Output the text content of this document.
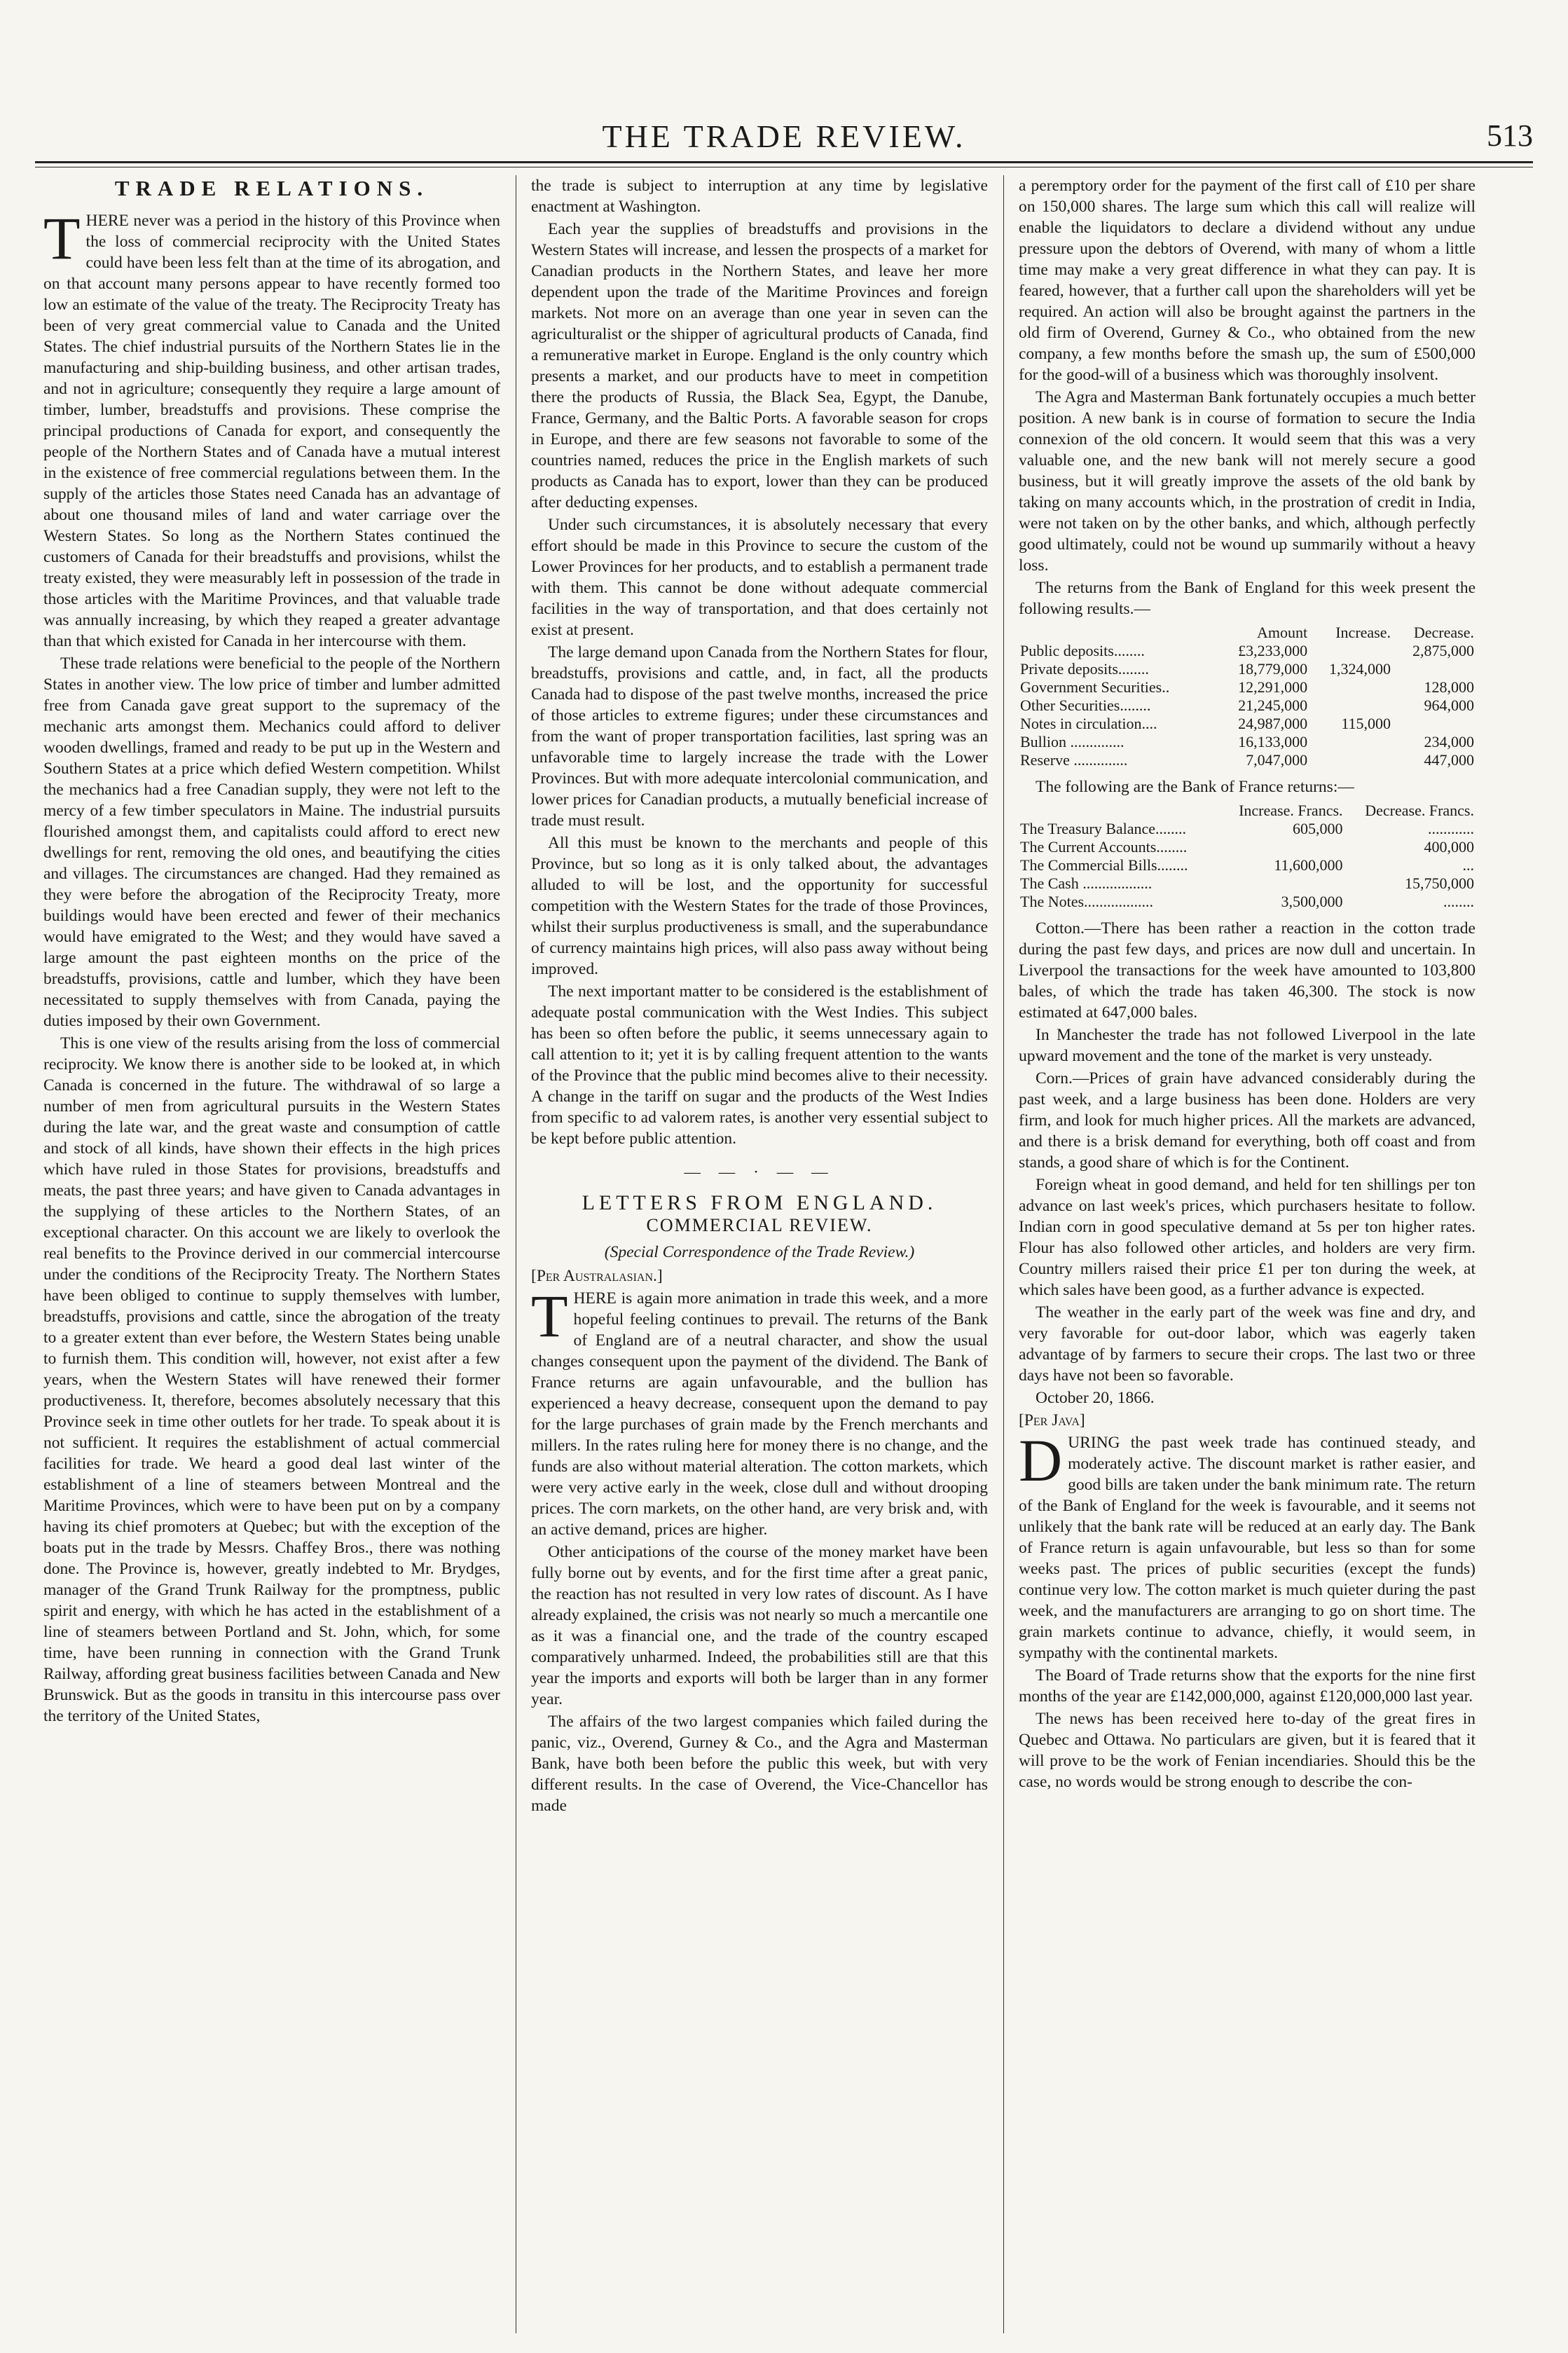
THE TRADE REVIEW.	513
TRADE RELATIONS.

THERE never was a period in the history of this Province when the loss of commercial reciprocity with the United States could have been less felt than at the time of its abrogation, and on that account many persons appear to have recently formed too low an estimate of the value of the treaty. The Reciprocity Treaty has been of very great commercial value to Canada and the United States. The chief industrial pursuits of the Northern States lie in the manufacturing and ship-building business, and other artisan trades, and not in agriculture; consequently they require a large amount of timber, lumber, breadstuffs and provisions. These comprise the principal productions of Canada for export, and consequently the people of the Northern States and of Canada have a mutual interest in the existence of free commercial regulations between them. In the supply of the articles those States need Canada has an advantage of about one thousand miles of land and water carriage over the Western States. So long as the Northern States continued the customers of Canada for their breadstuffs and provisions, whilst the treaty existed, they were measurably left in possession of the trade in those articles with the Maritime Provinces, and that valuable trade was annually increasing, by which they reaped a greater advantage than that which existed for Canada in her intercourse with them.

These trade relations were beneficial to the people of the Northern States in another view. The low price of timber and lumber admitted free from Canada gave great support to the supremacy of the mechanic arts amongst them. Mechanics could afford to deliver wooden dwellings, framed and ready to be put up in the Western and Southern States at a price which defied Western competition. Whilst the mechanics had a free Canadian supply, they were not left to the mercy of a few timber speculators in Maine. The industrial pursuits flourished amongst them, and capitalists could afford to erect new dwellings for rent, removing the old ones, and beautifying the cities and villages. The circumstances are changed. Had they remained as they were before the abrogation of the Reciprocity Treaty, more buildings would have been erected and fewer of their mechanics would have emigrated to the West; and they would have saved a large amount the past eighteen months on the price of the breadstuffs, provisions, cattle and lumber, which they have been necessitated to supply themselves with from Canada, paying the duties imposed by their own Government.

This is one view of the results arising from the loss of commercial reciprocity. We know there is another side to be looked at, in which Canada is concerned in the future. The withdrawal of so large a number of men from agricultural pursuits in the Western States during the late war, and the great waste and consumption of cattle and stock of all kinds, have shown their effects in the high prices which have ruled in those States for provisions, breadstuffs and meats, the past three years; and have given to Canada advantages in the supplying of these articles to the Northern States, of an exceptional character. On this account we are likely to overlook the real benefits to the Province derived in our commercial intercourse under the conditions of the Reciprocity Treaty. The Northern States have been obliged to continue to supply themselves with lumber, breadstuffs, provisions and cattle, since the abrogation of the treaty to a greater extent than ever before, the Western States being unable to furnish them. This condition will, however, not exist after a few years, when the Western States will have renewed their former productiveness. It, therefore, becomes absolutely necessary that this Province seek in time other outlets for her trade. To speak about it is not sufficient. It requires the establishment of actual commercial facilities for trade. We heard a good deal last winter of the establishment of a line of steamers between Montreal and the Maritime Provinces, which were to have been put on by a company having its chief promoters at Quebec; but with the exception of the boats put in the trade by Messrs. Chaffey Bros., there was nothing done. The Province is, however, greatly indebted to Mr. Brydges, manager of the Grand Trunk Railway for the promptness, public spirit and energy, with which he has acted in the establishment of a line of steamers between Portland and St. John, which, for some time, have been running in connection with the Grand Trunk Railway, affording great business facilities between Canada and New Brunswick. But as the goods in transitu in this intercourse pass over the territory of the United States,

the trade is subject to interruption at any time by legislative enactment at Washington.

Each year the supplies of breadstuffs and provisions in the Western States will increase, and lessen the prospects of a market for Canadian products in the Northern States, and leave her more dependent upon the trade of the Maritime Provinces and foreign markets. Not more on an average than one year in seven can the agriculturalist or the shipper of agricultural products of Canada, find a remunerative market in Europe. England is the only country which presents a market, and our products have to meet in competition there the products of Russia, the Black Sea, Egypt, the Danube, France, Germany, and the Baltic Ports. A favorable season for crops in Europe, and there are few seasons not favorable to some of the countries named, reduces the price in the English markets of such products as Canada has to export, lower than they can be produced after deducting expenses.

Under such circumstances, it is absolutely necessary that every effort should be made in this Province to secure the custom of the Lower Provinces for her products, and to establish a permanent trade with them. This cannot be done without adequate commercial facilities in the way of transportation, and that does certainly not exist at present.

The large demand upon Canada from the Northern States for flour, breadstuffs, provisions and cattle, and, in fact, all the products Canada had to dispose of the past twelve months, increased the price of those articles to extreme figures; under these circumstances and from the want of proper transportation facilities, last spring was an unfavorable time to largely increase the trade with the Lower Provinces. But with more adequate intercolonial communication, and lower prices for Canadian products, a mutually beneficial increase of trade must result.

All this must be known to the merchants and people of this Province, but so long as it is only talked about, the advantages alluded to will be lost, and the opportunity for successful competition with the Western States for the trade of those Provinces, whilst their surplus productiveness is small, and the superabundance of currency maintains high prices, will also pass away without being improved.

The next important matter to be considered is the establishment of adequate postal communication with the West Indies. This subject has been so often before the public, it seems unnecessary again to call attention to it; yet it is by calling frequent attention to the wants of the Province that the public mind becomes alive to their necessity. A change in the tariff on sugar and the products of the West Indies from specific to ad valorem rates, is another very essential subject to be kept before public attention.

— — · — —
LETTERS FROM ENGLAND.
COMMERCIAL REVIEW.
(Special Correspondence of the Trade Review.)

[Per Australasian.]

THERE is again more animation in trade this week, and a more hopeful feeling continues to prevail. The returns of the Bank of England are of a neutral character, and show the usual changes consequent upon the payment of the dividend. The Bank of France returns are again unfavourable, and the bullion has experienced a heavy decrease, consequent upon the demand to pay for the large purchases of grain made by the French merchants and millers. In the rates ruling here for money there is no change, and the funds are also without material alteration. The cotton markets, which were very active early in the week, close dull and without drooping prices. The corn markets, on the other hand, are very brisk and, with an active demand, prices are higher.

Other anticipations of the course of the money market have been fully borne out by events, and for the first time after a great panic, the reaction has not resulted in very low rates of discount. As I have already explained, the crisis was not nearly so much a mercantile one as it was a financial one, and the trade of the country escaped comparatively unharmed. Indeed, the probabilities still are that this year the imports and exports will both be larger than in any former year.

The affairs of the two largest companies which failed during the panic, viz., Overend, Gurney & Co., and the Agra and Masterman Bank, have both been before the public this week, but with very different results. In the case of Overend, the Vice-Chancellor has made

a peremptory order for the payment of the first call of £10 per share on 150,000 shares. The large sum which this call will realize will enable the liquidators to declare a dividend without any undue pressure upon the debtors of Overend, with many of whom a little time may make a very great difference in what they can pay. It is feared, however, that a further call upon the shareholders will yet be required. An action will also be brought against the partners in the old firm of Overend, Gurney & Co., who obtained from the new company, a few months before the smash up, the sum of £500,000 for the good-will of a business which was thoroughly insolvent.

The Agra and Masterman Bank fortunately occupies a much better position. A new bank is in course of formation to secure the India connexion of the old concern. It would seem that this was a very valuable one, and the new bank will not merely secure a good business, but it will greatly improve the assets of the old bank by taking on many accounts which, in the prostration of credit in India, were not taken on by the other banks, and which, although perfectly good ultimately, could not be wound up summarily without a heavy loss.

The returns from the Bank of England for this week present the following results.—

	Amount	Increase.	Decrease.
Public deposits........	£3,233,000		2,875,000
Private deposits........	18,779,000	1,324,000	
Government Securities..	12,291,000		128,000
Other Securities........	21,245,000		964,000
Notes in circulation....	24,987,000	115,000	
Bullion ..............	16,133,000		234,000
Reserve ..............	7,047,000		447,000

The following are the Bank of France returns:—

	Increase. Francs.	Decrease. Francs.
The Treasury Balance........	605,000	............
The Current Accounts........		400,000
The Commercial Bills........	11,600,000	...
The Cash ..................		15,750,000
The Notes..................	3,500,000	........

Cotton.—There has been rather a reaction in the cotton trade during the past few days, and prices are now dull and uncertain. In Liverpool the transactions for the week have amounted to 103,800 bales, of which the trade has taken 46,300. The stock is now estimated at 647,000 bales.

In Manchester the trade has not followed Liverpool in the late upward movement and the tone of the market is very unsteady.

Corn.—Prices of grain have advanced considerably during the past week, and a large business has been done. Holders are very firm, and look for much higher prices. All the markets are advanced, and there is a brisk demand for everything, both off coast and from stands, a good share of which is for the Continent.

Foreign wheat in good demand, and held for ten shillings per ton advance on last week's prices, which purchasers hesitate to follow. Indian corn in good speculative demand at 5s per ton higher rates. Flour has also followed other articles, and holders are very firm. Country millers raised their price £1 per ton during the week, at which sales have been good, as a further advance is expected.

The weather in the early part of the week was fine and dry, and very favorable for out-door labor, which was eagerly taken advantage of by farmers to secure their crops. The last two or three days have not been so favorable.

October 20, 1866.

[Per Java]

DURING the past week trade has continued steady, and moderately active. The discount market is rather easier, and good bills are taken under the bank minimum rate. The return of the Bank of England for the week is favourable, and it seems not unlikely that the bank rate will be reduced at an early day. The Bank of France return is again unfavourable, but less so than for some weeks past. The prices of public securities (except the funds) continue very low. The cotton market is much quieter during the past week, and the manufacturers are arranging to go on short time. The grain markets continue to advance, chiefly, it would seem, in sympathy with the continental markets.

The Board of Trade returns show that the exports for the nine first months of the year are £142,000,000, against £120,000,000 last year.

The news has been received here to-day of the great fires in Quebec and Ottawa. No particulars are given, but it is feared that it will prove to be the work of Fenian incendiaries. Should this be the case, no words would be strong enough to describe the con-
